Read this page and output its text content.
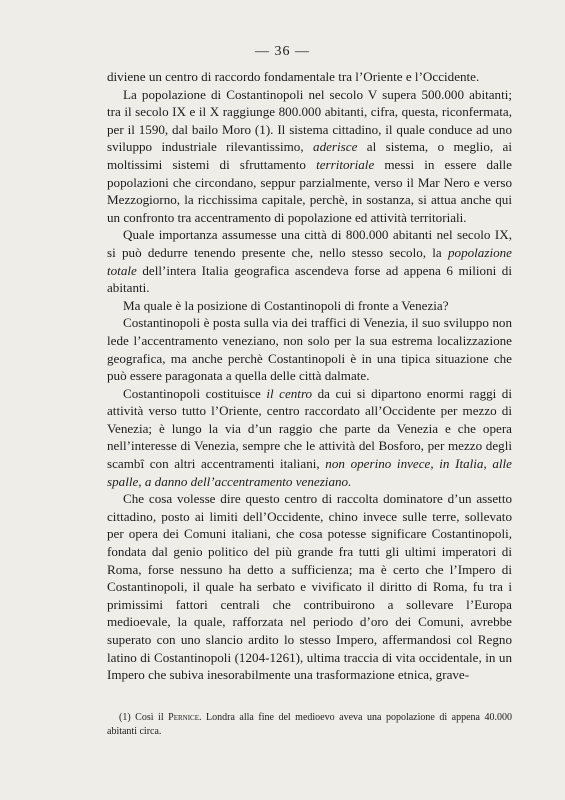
— 36 —

diviene un centro di raccordo fondamentale tra l’Oriente e l’Occidente.

La popolazione di Costantinopoli nel secolo V supera 500.000 abitanti; tra il secolo IX e il X raggiunge 800.000 abitanti, cifra, questa, riconfermata, per il 1590, dal bailo Moro (1). Il sistema cittadino, il quale conduce ad uno sviluppo industriale rilevantissimo, aderisce al sistema, o meglio, ai moltissimi sistemi di sfruttamento territoriale messi in essere dalle popolazioni che circondano, seppur parzialmente, verso il Mar Nero e verso Mezzogiorno, la ricchissima capitale, perchè, in sostanza, si attua anche qui un confronto tra accentramento di popolazione ed attività territoriali.

Quale importanza assumesse una città di 800.000 abitanti nel secolo IX, si può dedurre tenendo presente che, nello stesso secolo, la popolazione totale dell’intera Italia geografica ascendeva forse ad appena 6 milioni di abitanti.

Ma quale è la posizione di Costantinopoli di fronte a Venezia?

Costantinopoli è posta sulla via dei traffici di Venezia, il suo sviluppo non lede l’accentramento veneziano, non solo per la sua estrema localizzazione geografica, ma anche perchè Costantinopoli è in una tipica situazione che può essere paragonata a quella delle città dalmate.

Costantinopoli costituisce il centro da cui si dipartono enormi raggi di attività verso tutto l’Oriente, centro raccordato all’Occidente per mezzo di Venezia; è lungo la via d’un raggio che parte da Venezia e che opera nell’interesse di Venezia, sempre che le attività del Bosforo, per mezzo degli scambî con altri accentramenti italiani, non operino invece, in Italia, alle spalle, a danno dell’accentramento veneziano.

Che cosa volesse dire questo centro di raccolta dominatore d’un assetto cittadino, posto ai limiti dell’Occidente, chino invece sulle terre, sollevato per opera dei Comuni italiani, che cosa potesse significare Costantinopoli, fondata dal genio politico del più grande fra tutti gli ultimi imperatori di Roma, forse nessuno ha detto a sufficienza; ma è certo che l’Impero di Costantinopoli, il quale ha serbato e vivificato il diritto di Roma, fu tra i primissimi fattori centrali che contribuirono a sollevare l’Europa medioevale, la quale, rafforzata nel periodo d’oro dei Comuni, avrebbe superato con uno slancio ardito lo stesso Impero, affermandosi col Regno latino di Costantinopoli (1204-1261), ultima traccia di vita occidentale, in un Impero che subiva inesorabilmente una trasformazione etnica, grave-

(1) Così il Pernice. Londra alla fine del medioevo aveva una popolazione di appena 40.000 abitanti circa.
